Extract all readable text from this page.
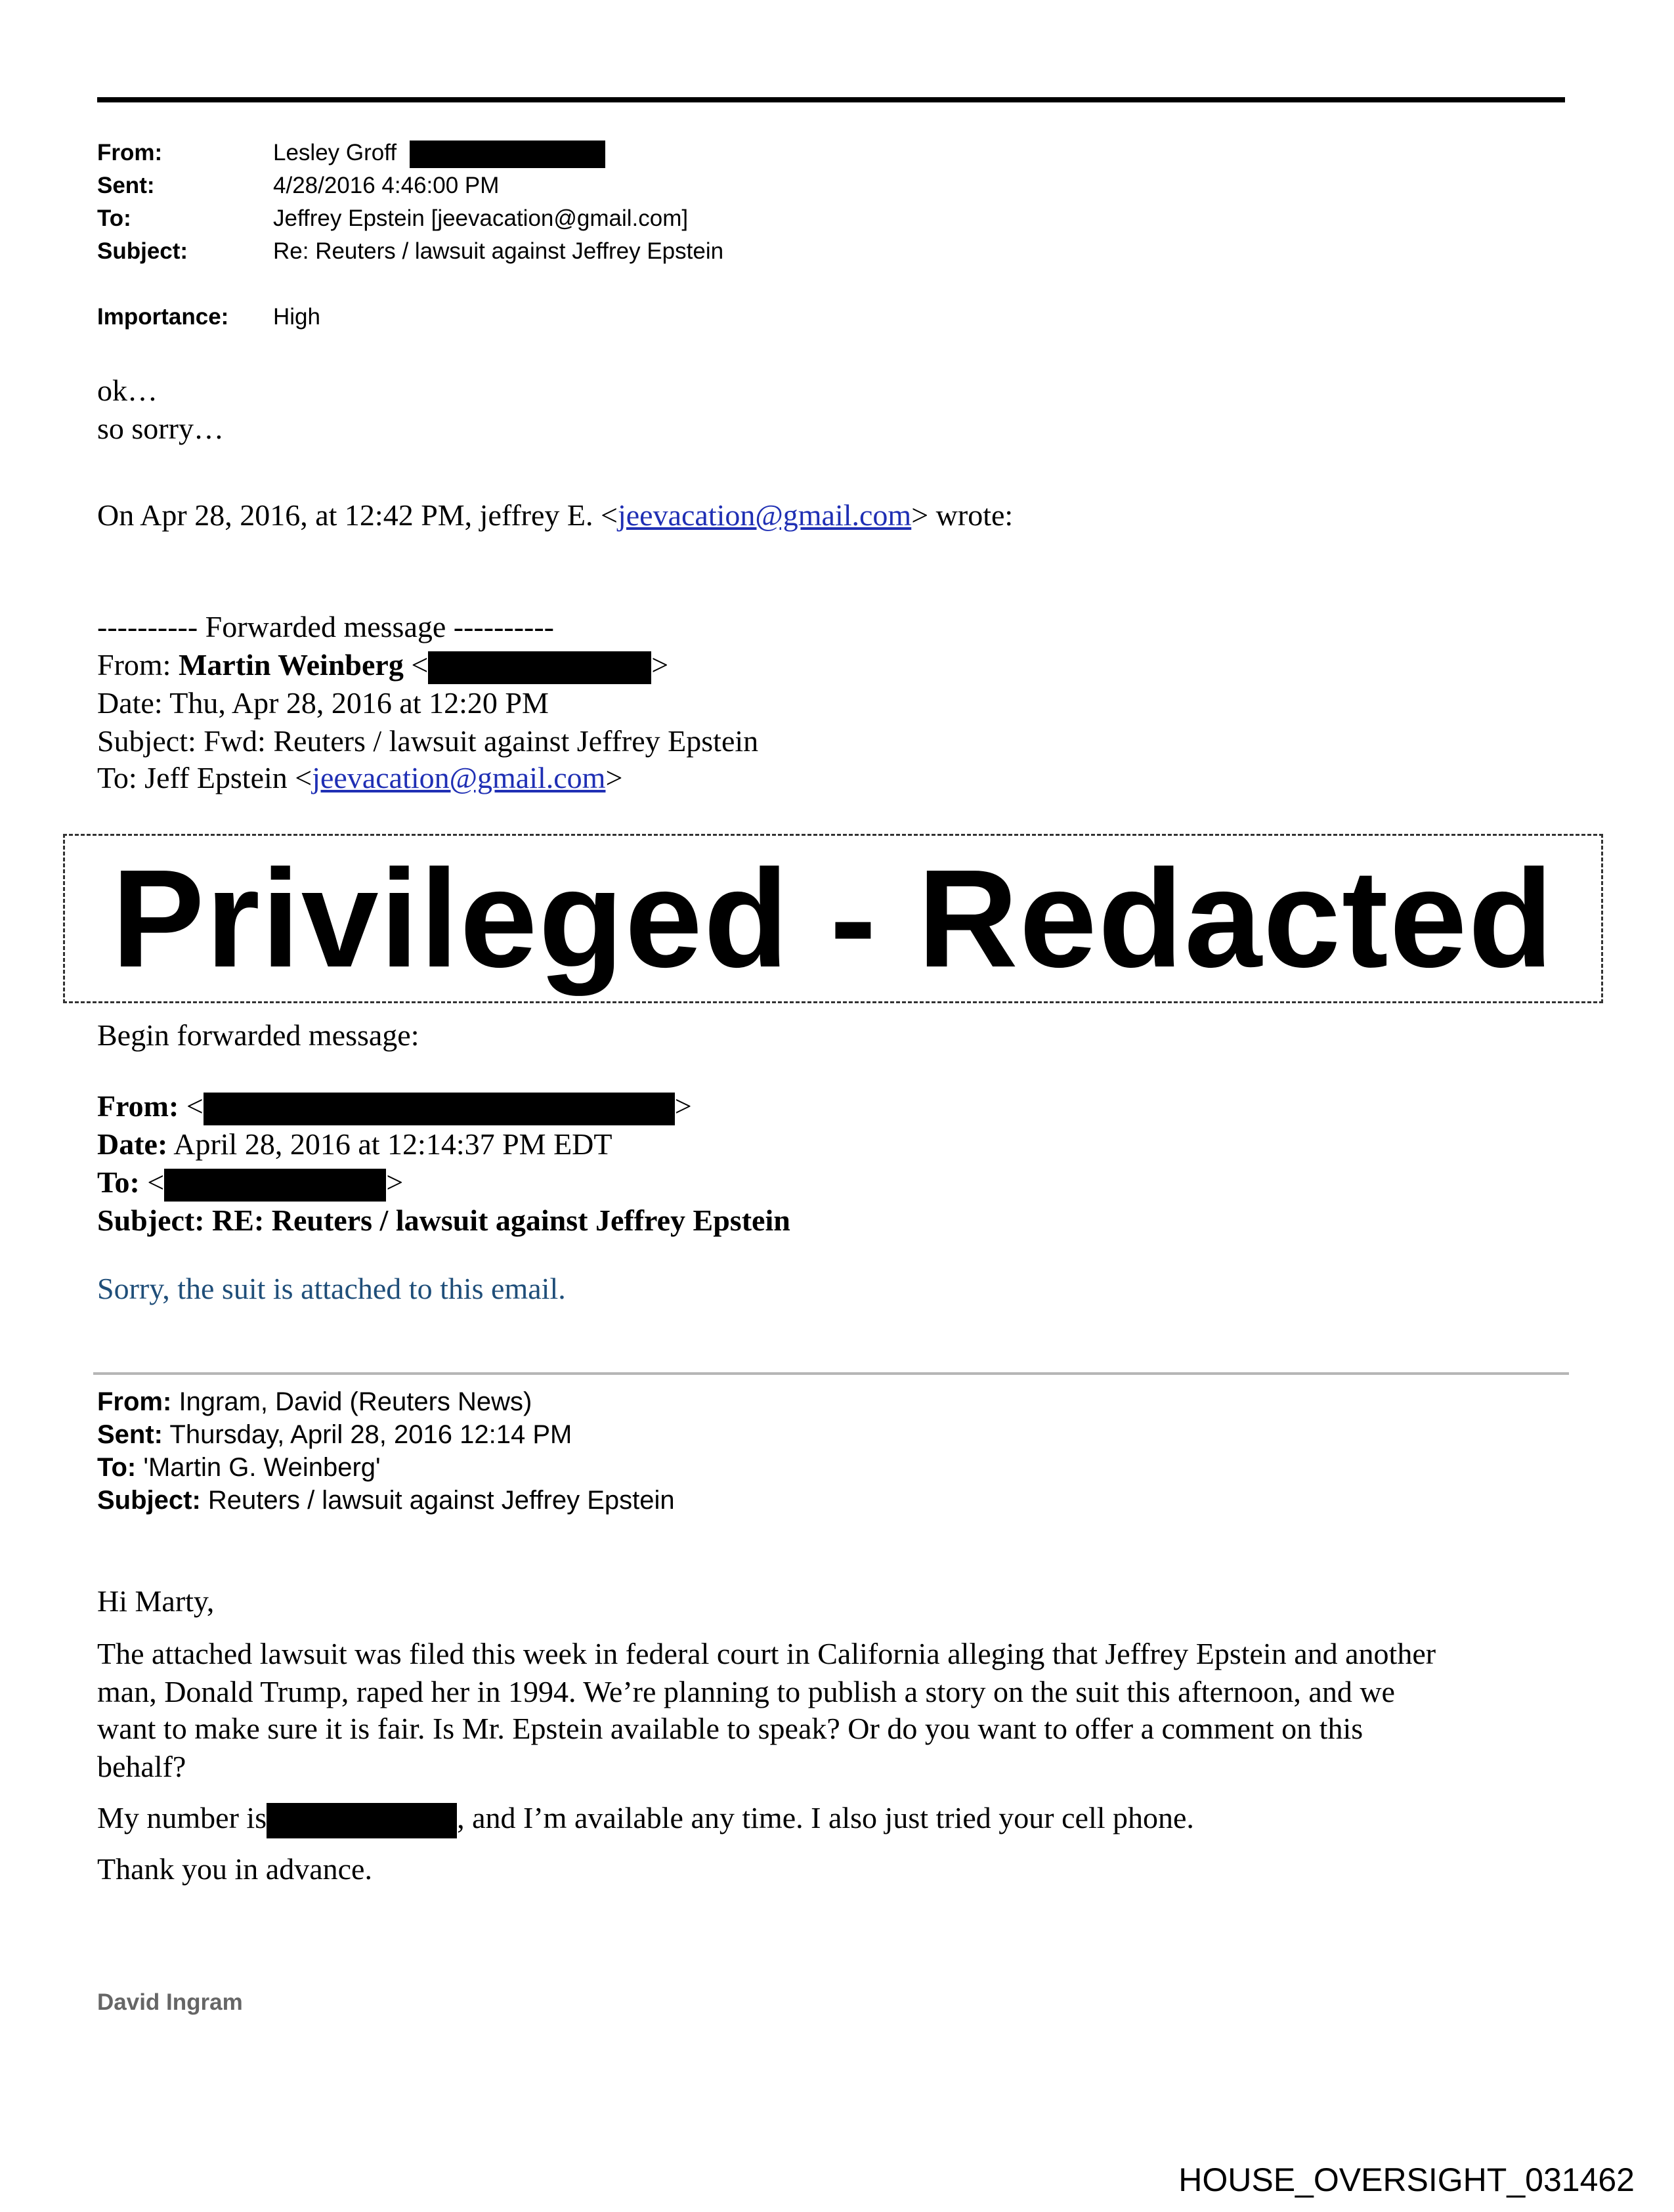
From:	Lesley Groff
Sent:	4/28/2016 4:46:00 PM
To:	Jeffrey Epstein [jeevacation@gmail.com]
Subject:	Re: Reuters / lawsuit against Jeffrey Epstein
Importance: High
ok…
so sorry…
On Apr 28, 2016, at 12:42 PM, jeffrey E. <jeevacation@gmail.com> wrote:
---------- Forwarded message ----------
From: Martin Weinberg <	>
Date: Thu, Apr 28, 2016 at 12:20 PM
Subject: Fwd: Reuters / lawsuit against Jeffrey Epstein
To: Jeff Epstein <jeevacation@gmail.com>
Privileged - Redacted
Begin forwarded message:
From: <	>
Date: April 28, 2016 at 12:14:37 PM EDT
To: <	>
Subject: RE: Reuters / lawsuit against Jeffrey Epstein
Sorry, the suit is attached to this email.
From: Ingram, David (Reuters News)
Sent: Thursday, April 28, 2016 12:14 PM
To: 'Martin G. Weinberg'
Subject: Reuters / lawsuit against Jeffrey Epstein
Hi Marty,
The attached lawsuit was filed this week in federal court in California alleging that Jeffrey Epstein and another
man, Donald Trump, raped her in 1994. We’re planning to publish a story on the suit this afternoon, and we
want to make sure it is fair. Is Mr. Epstein available to speak? Or do you want to offer a comment on this
behalf?
My number is	, and I’m available any time. I also just tried your cell phone.
Thank you in advance.
David Ingram
HOUSE_OVERSIGHT_031462
